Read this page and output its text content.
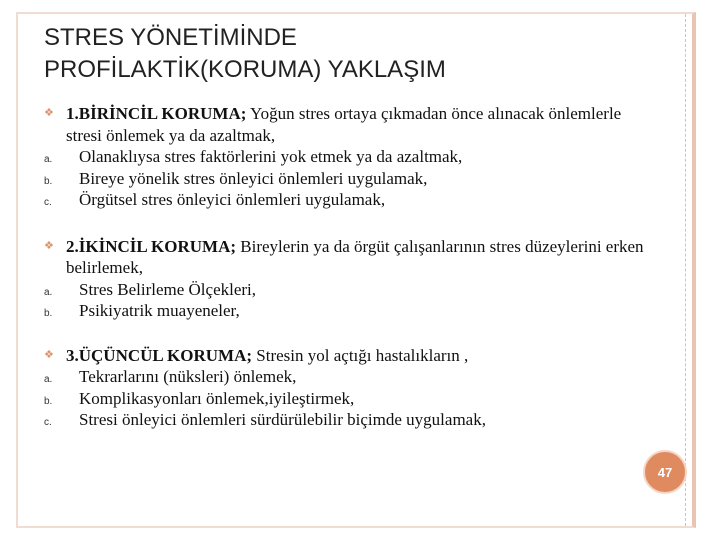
STRES YÖNETİMİNDE
PROFİLAKTİK(KORUMA) YAKLAŞIM
❖ 1.BİRİNCİL KORUMA; Yoğun stres ortaya çıkmadan önce alınacak önlemlerle stresi önlemek ya da azaltmak,
a.	Olanaklıysa stres faktörlerini yok etmek ya da azaltmak,
b.	Bireye yönelik stres önleyici önlemleri uygulamak,
c.	Örgütsel stres önleyici önlemleri uygulamak,
❖ 2.İKİNCİL KORUMA; Bireylerin ya da örgüt çalışanlarının stres düzeylerini erken belirlemek,
a.	Stres Belirleme Ölçekleri,
b.	Psikiyatrik muayeneler,
❖ 3.ÜÇÜNCÜL KORUMA; Stresin yol açtığı hastalıkların ,
a.	Tekrarlarını (nüksleri) önlemek,
b.	Komplikasyonları önlemek,iyileştirmek,
c.	Stresi önleyici önlemleri sürdürülebilir biçimde uygulamak,
47
